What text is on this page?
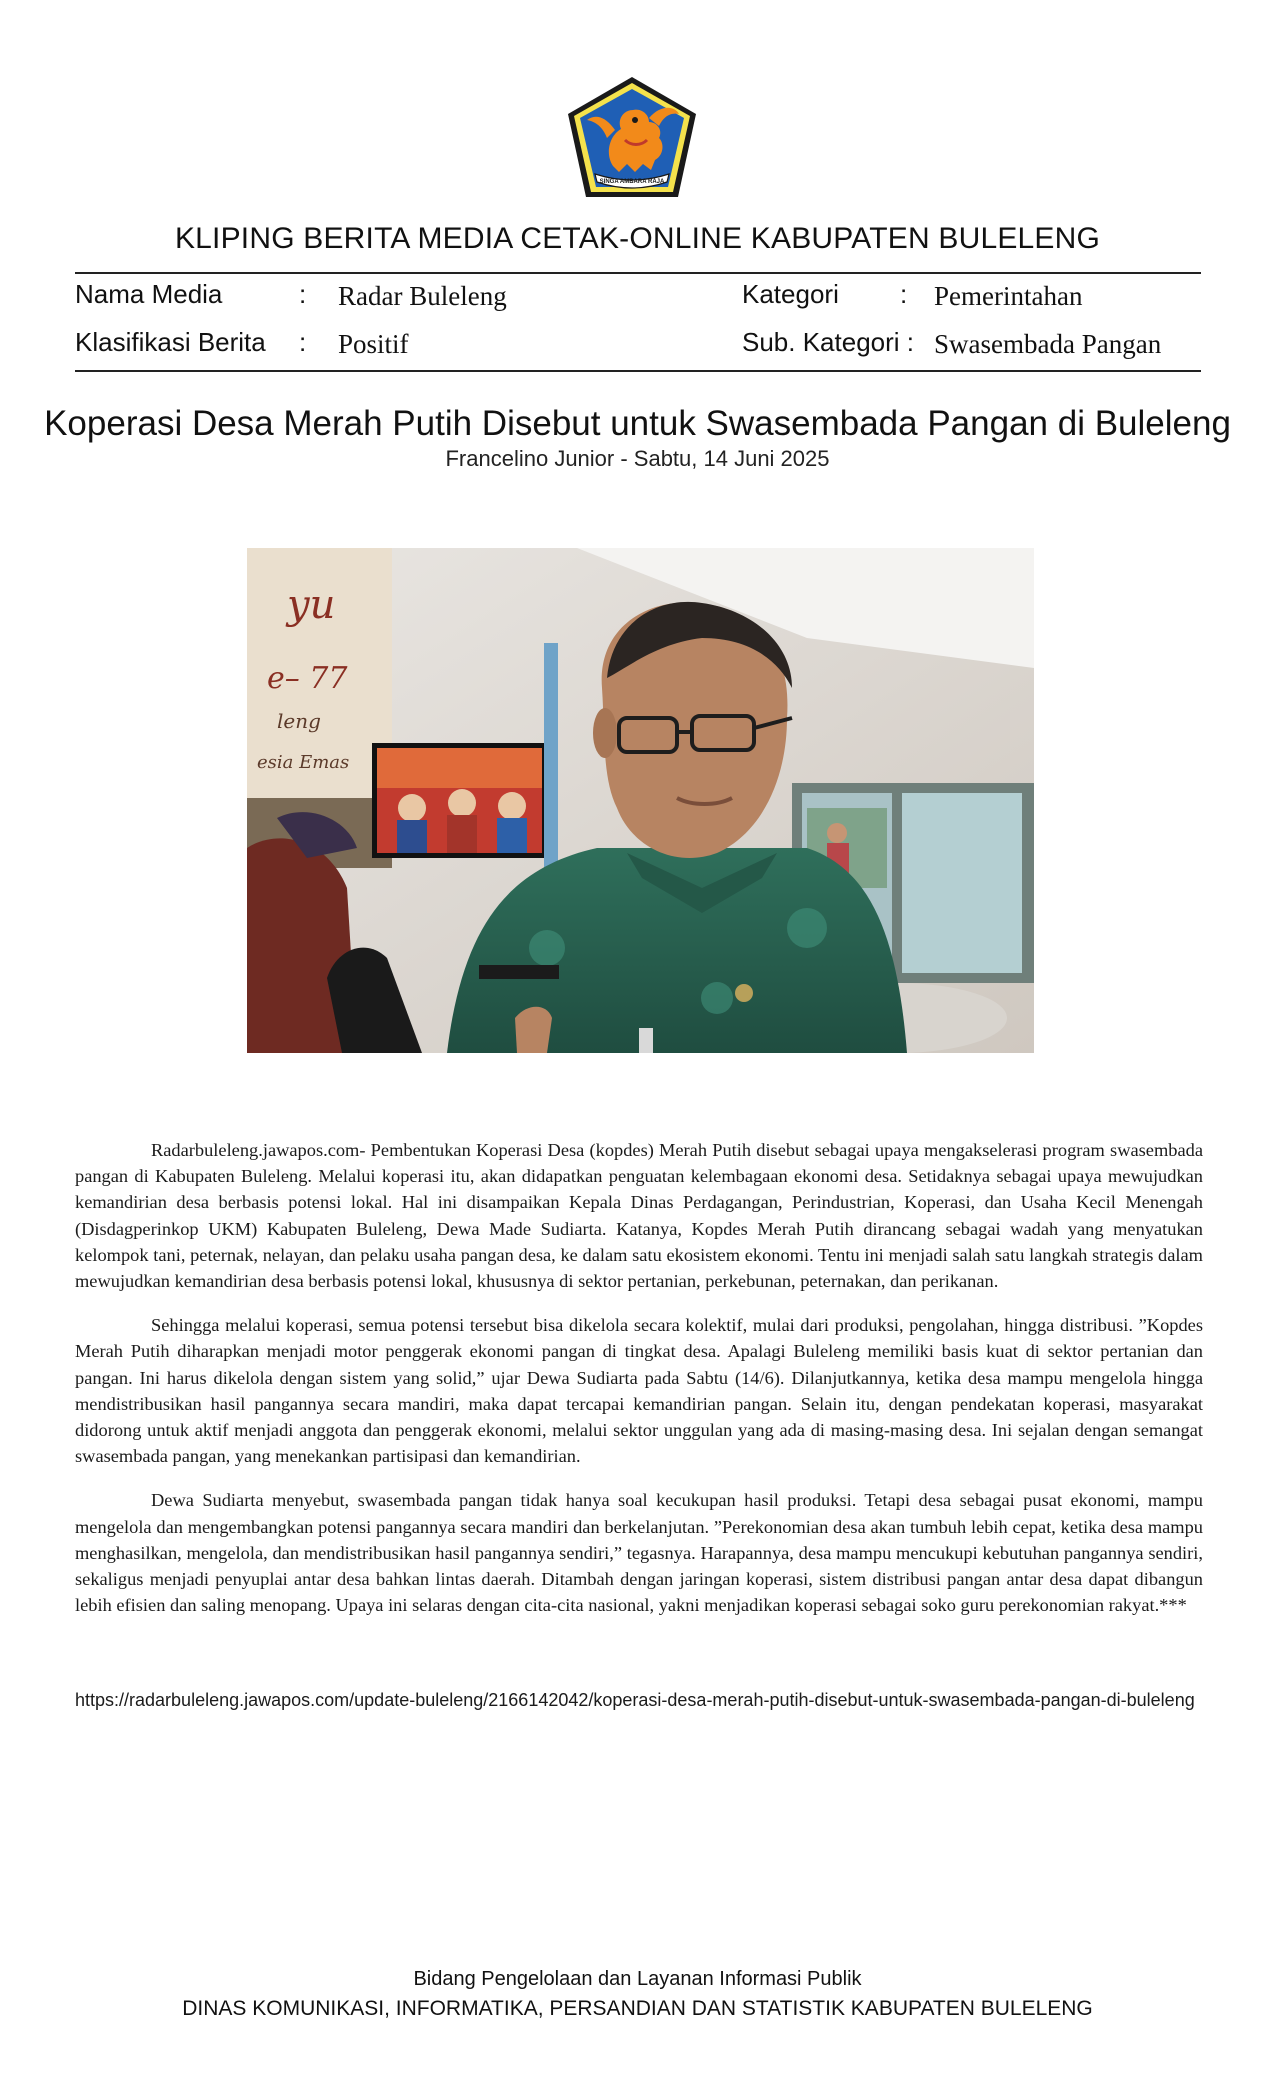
SINGA AMBARA RAJA
KLIPING BERITA MEDIA CETAK-ONLINE KABUPATEN BULELENG
Nama Media	: Radar Buleleng	Kategori : Pemerintahan
Klasifikasi Berita : Positif	Sub. Kategori : Swasembada Pangan
Koperasi Desa Merah Putih Disebut untuk Swasembada Pangan di Buleleng
Francelino Junior - Sabtu, 14 Juni 2025
yu
e– 77
leng
esia Emas

Radarbuleleng.jawapos.com- Pembentukan Koperasi Desa (kopdes) Merah Putih disebut sebagai upaya mengakselerasi program swasembada pangan di Kabupaten Buleleng. Melalui koperasi itu, akan didapatkan penguatan kelembagaan ekonomi desa. Setidaknya sebagai upaya mewujudkan kemandirian desa berbasis potensi lokal. Hal ini disampaikan Kepala Dinas Perdagangan, Perindustrian, Koperasi, dan Usaha Kecil Menengah (Disdagperinkop UKM) Kabupaten Buleleng, Dewa Made Sudiarta. Katanya, Kopdes Merah Putih dirancang sebagai wadah yang menyatukan kelompok tani, peternak, nelayan, dan pelaku usaha pangan desa, ke dalam satu ekosistem ekonomi. Tentu ini menjadi salah satu langkah strategis dalam mewujudkan kemandirian desa berbasis potensi lokal, khususnya di sektor pertanian, perkebunan, peternakan, dan perikanan.

Sehingga melalui koperasi, semua potensi tersebut bisa dikelola secara kolektif, mulai dari produksi, pengolahan, hingga distribusi. ”Kopdes Merah Putih diharapkan menjadi motor penggerak ekonomi pangan di tingkat desa. Apalagi Buleleng memiliki basis kuat di sektor pertanian dan pangan. Ini harus dikelola dengan sistem yang solid,” ujar Dewa Sudiarta pada Sabtu (14/6). Dilanjutkannya, ketika desa mampu mengelola hingga mendistribusikan hasil pangannya secara mandiri, maka dapat tercapai kemandirian pangan. Selain itu, dengan pendekatan koperasi, masyarakat didorong untuk aktif menjadi anggota dan penggerak ekonomi, melalui sektor unggulan yang ada di masing-masing desa. Ini sejalan dengan semangat swasembada pangan, yang menekankan partisipasi dan kemandirian.

Dewa Sudiarta menyebut, swasembada pangan tidak hanya soal kecukupan hasil produksi. Tetapi desa sebagai pusat ekonomi, mampu mengelola dan mengembangkan potensi pangannya secara mandiri dan berkelanjutan. ”Perekonomian desa akan tumbuh lebih cepat, ketika desa mampu menghasilkan, mengelola, dan mendistribusikan hasil pangannya sendiri,” tegasnya. Harapannya, desa mampu mencukupi kebutuhan pangannya sendiri, sekaligus menjadi penyuplai antar desa bahkan lintas daerah. Ditambah dengan jaringan koperasi, sistem distribusi pangan antar desa dapat dibangun lebih efisien dan saling menopang. Upaya ini selaras dengan cita-cita nasional, yakni menjadikan koperasi sebagai soko guru perekonomian rakyat.***

https://radarbuleleng.jawapos.com/update-buleleng/2166142042/koperasi-desa-merah-putih-disebut-untuk-swasembada-pangan-di-buleleng
Bidang Pengelolaan dan Layanan Informasi Publik
DINAS KOMUNIKASI, INFORMATIKA, PERSANDIAN DAN STATISTIK KABUPATEN BULELENG
